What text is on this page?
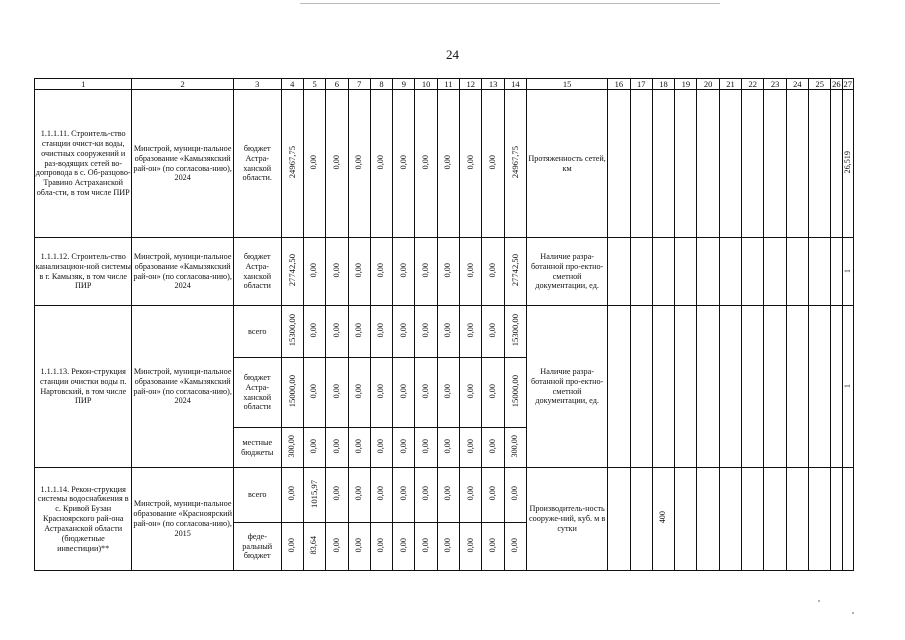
24
1	2	3	4	5	6	7	8	9	10	11	12	13	14	15	16	17	18	19	20	21	22	23	24	25	26	27
1.1.1.11. Строитель-ство станции очист-ки воды, очистных сооружений и раз-водящих сетей во-допровода в с. Об-разцово-Травино Астраханской обла-сти, в том числе ПИР	Минстрой, муници-пальное образование «Камызякский рай-он» (по согласова-нию), 2024	бюджет Астра-ханской области.	24967,75	0,00	0,00	0,00	0,00	0,00	0,00	0,00	0,00	0,00	24967,75	Протяженность сетей, км												26,519
1.1.1.12. Строитель-ство канализацион-ной системы в г. Камызяк, в том числе ПИР	Минстрой, муници-пальное образование «Камызякский рай-он» (по согласова-нию), 2024	бюджет Астра-ханской области	27742,50	0,00	0,00	0,00	0,00	0,00	0,00	0,00	0,00	0,00	27742,50	Наличие разра-ботанной про-ектно-сметной документации, ед.												1
1.1.1.13. Рекон-струкция станции очистки воды п. Нартовский, в том числе ПИР	Минстрой, муници-пальное образование «Камызякский рай-он» (по согласова-нию), 2024	всего	15300,00	0,00	0,00	0,00	0,00	0,00	0,00	0,00	0,00	0,00	15300,00	Наличие разра-ботанной про-ектно-сметной документации, ед.												1
		бюджет Астра-ханской области	15000,00	0,00	0,00	0,00	0,00	0,00	0,00	0,00	0,00	0,00	15000,00													
		местные бюджеты	300,00	0,00	0,00	0,00	0,00	0,00	0,00	0,00	0,00	0,00	300,00													
1.1.1.14. Рекон-струкция системы водоснабжения в с. Кривой Бузан Красноярского рай-она Астраханской области (бюджетные инвестиции)**	Минстрой, муници-пальное образование «Красноярский рай-он» (по согласова-нию), 2015	всего	0,00	1015,97	0,00	0,00	0,00	0,00	0,00	0,00	0,00	0,00	0,00	Производитель-ность сооруже-ний, куб. м в сутки			400									
		феде-ральный бюджет	0,00	83,64	0,00	0,00	0,00	0,00	0,00	0,00	0,00	0,00	0,00													
